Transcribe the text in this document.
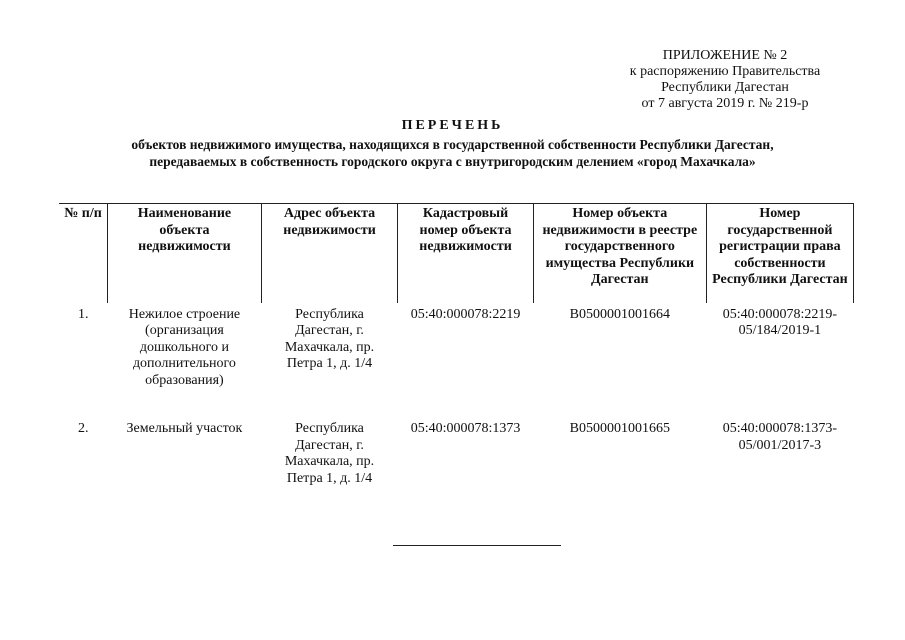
ПРИЛОЖЕНИЕ № 2
к распоряжению Правительства
Республики Дагестан
от 7 августа 2019 г. № 219-р
ПЕРЕЧЕНЬ
объектов недвижимого имущества, находящихся в государственной собственности Республики Дагестан,
передаваемых в собственность городского округа с внутригородским делением «город Махачкала»
№ п/п	Наименование объекта недвижимости	Адрес объекта недвижимости	Кадастровый номер объекта недвижимости	Номер объекта недвижимости в реестре государственного имущества Республики Дагестан	Номер государственной регистрации права собственности Республики Дагестан
1.	Нежилое строение (организация дошкольного и дополнительного образования)	Республика Дагестан, г. Махачкала, пр. Петра 1, д. 1/4	05:40:000078:2219	В0500001001664	05:40:000078:2219-05/184/2019-1
2.	Земельный участок	Республика Дагестан, г. Махачкала, пр. Петра 1, д. 1/4	05:40:000078:1373	В0500001001665	05:40:000078:1373-05/001/2017-3
